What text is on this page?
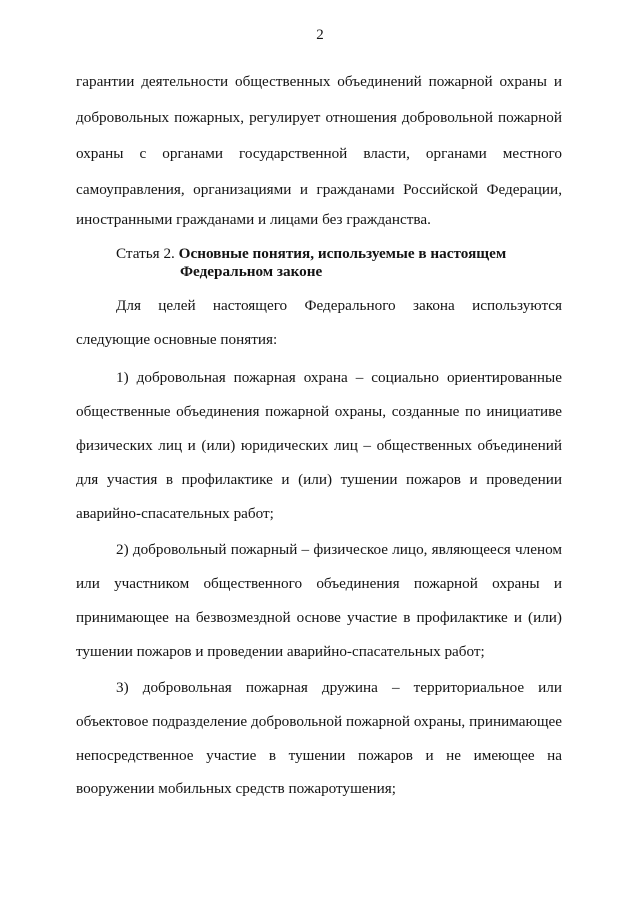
2
гарантии деятельности общественных объединений пожарной охраны и
добровольных пожарных, регулирует отношения добровольной пожарной
охраны с органами государственной власти, органами местного
самоуправления, организациями и гражданами Российской Федерации,
иностранными гражданами и лицами без гражданства.
Статья 2. Основные понятия, используемые в настоящем
Федеральном законе
Для целей настоящего Федерального закона используются
следующие основные понятия:
1) добровольная пожарная охрана – социально ориентированные
общественные объединения пожарной охраны, созданные по инициативе
физических лиц и (или) юридических лиц – общественных объединений
для участия в профилактике и (или) тушении пожаров и проведении
аварийно-спасательных работ;
2) добровольный пожарный – физическое лицо, являющееся членом
или участником общественного объединения пожарной охраны и
принимающее на безвозмездной основе участие в профилактике и (или)
тушении пожаров и проведении аварийно-спасательных работ;
3) добровольная пожарная дружина – территориальное или
объектовое подразделение добровольной пожарной охраны, принимающее
непосредственное участие в тушении пожаров и не имеющее на
вооружении мобильных средств пожаротушения;
